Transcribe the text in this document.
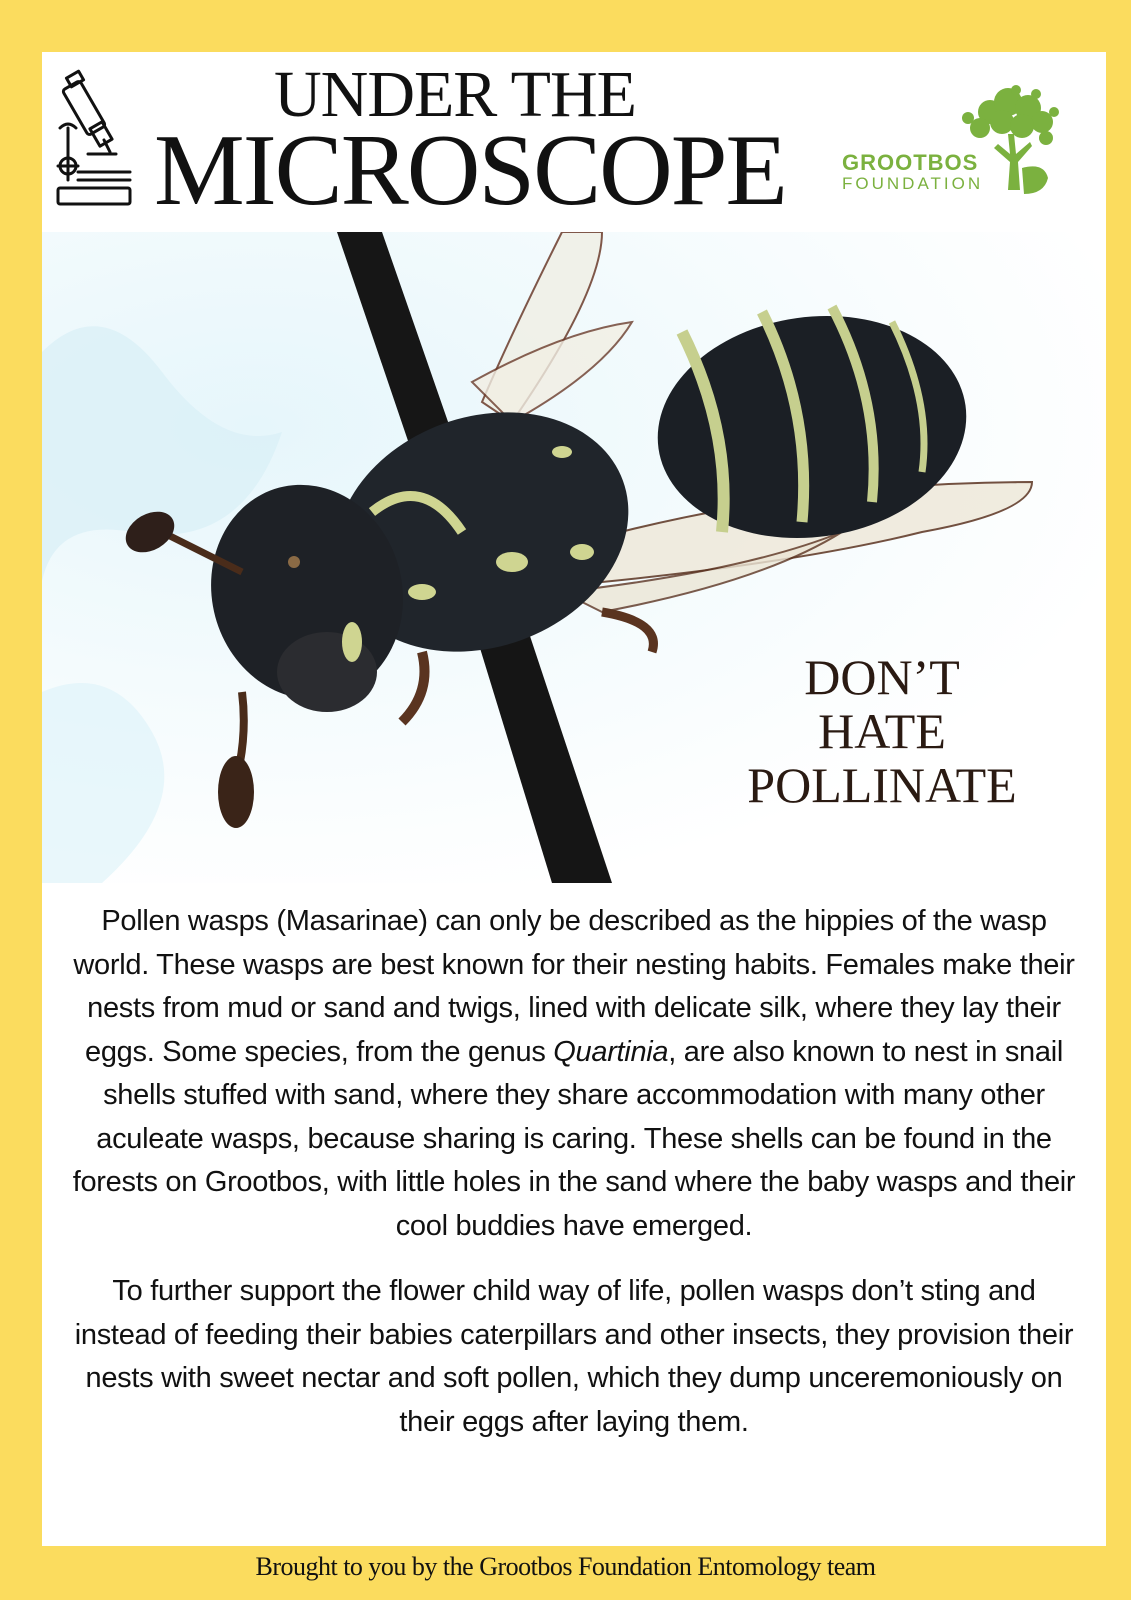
UNDER THE
MICROSCOPE	GROOTBOS
FOUNDATION
DON’T
HATE
POLLINATE

Pollen wasps (Masarinae) can only be described as the hippies of the wasp world. These wasps are best known for their nesting habits. Females make their nests from mud or sand and twigs, lined with delicate silk, where they lay their eggs. Some species, from the genus Quartinia, are also known to nest in snail shells stuffed with sand, where they share accommodation with many other aculeate wasps, because sharing is caring. These shells can be found in the forests on Grootbos, with little holes in the sand where the baby wasps and their cool buddies have emerged.

To further support the flower child way of life, pollen wasps don’t sting and instead of feeding their babies caterpillars and other insects, they provision their nests with sweet nectar and soft pollen, which they dump unceremoniously on their eggs after laying them.

Brought to you by the Grootbos Foundation Entomology team
